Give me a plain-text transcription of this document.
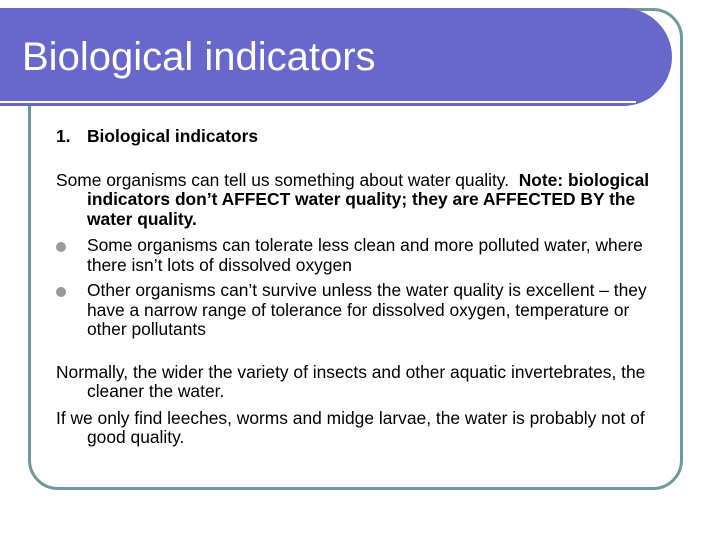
Biological indicators
1. Biological indicators

Some organisms can tell us something about water quality. Note: biological indicators don’t AFFECT water quality; they are AFFECTED BY the water quality.

Some organisms can tolerate less clean and more polluted water, where there isn’t lots of dissolved oxygen
Other organisms can’t survive unless the water quality is excellent – they have a narrow range of tolerance for dissolved oxygen, temperature or other pollutants

Normally, the wider the variety of insects and other aquatic invertebrates, the cleaner the water.

If we only find leeches, worms and midge larvae, the water is probably not of good quality.
